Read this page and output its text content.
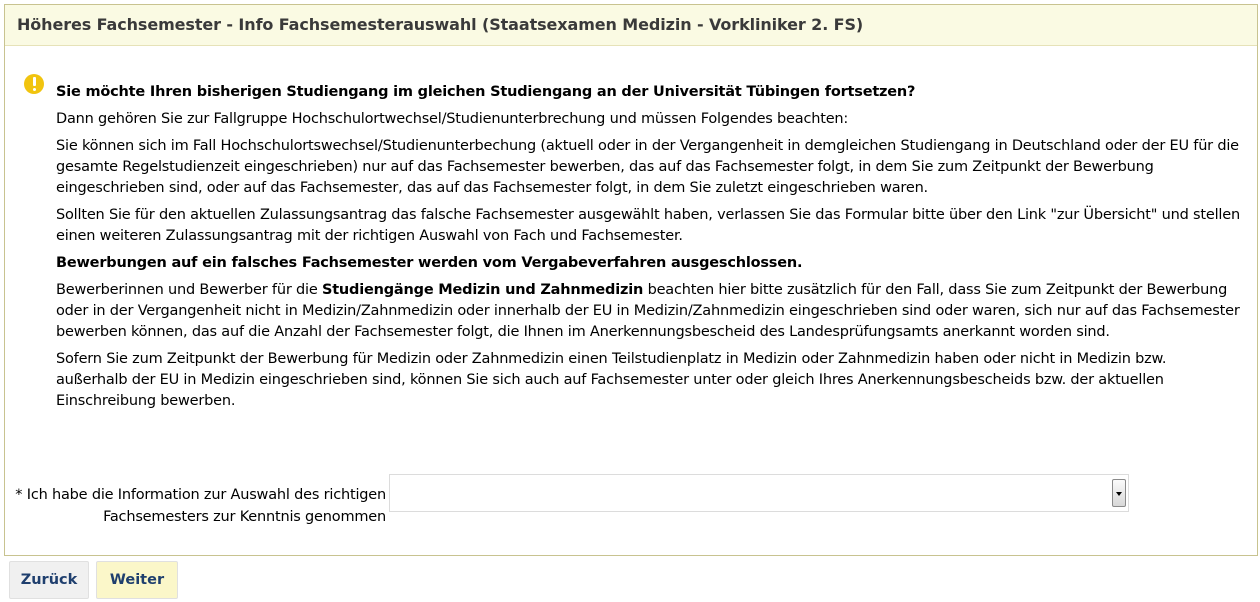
Höheres Fachsemester - Info Fachsemesterauswahl (Staatsexamen Medizin - Vorkliniker 2. FS)

Sie möchte Ihren bisherigen Studiengang im gleichen Studiengang an der Universität Tübingen fortsetzen?

Dann gehören Sie zur Fallgruppe Hochschulortwechsel/Studienunterbrechung und müssen Folgendes beachten:

Sie können sich im Fall Hochschulortswechsel/Studienunterbechung (aktuell oder in der Vergangenheit in demgleichen Studiengang in Deutschland oder der EU für die gesamte Regelstudienzeit eingeschrieben) nur auf das Fachsemester bewerben, das auf das Fachsemester folgt, in dem Sie zum Zeitpunkt der Bewerbung eingeschrieben sind, oder auf das Fachsemester, das auf das Fachsemester folgt, in dem Sie zuletzt eingeschrieben waren.

Sollten Sie für den aktuellen Zulassungsantrag das falsche Fachsemester ausgewählt haben, verlassen Sie das Formular bitte über den Link "zur Übersicht" und stellen einen weiteren Zulassungsantrag mit der richtigen Auswahl von Fach und Fachsemester.

Bewerbungen auf ein falsches Fachsemester werden vom Vergabeverfahren ausgeschlossen.

Bewerberinnen und Bewerber für die Studiengänge Medizin und Zahnmedizin beachten hier bitte zusätzlich für den Fall, dass Sie zum Zeitpunkt der Bewerbung oder in der Vergangenheit nicht in Medizin/Zahnmedizin oder innerhalb der EU in Medizin/Zahnmedizin eingeschrieben sind oder waren, sich nur auf das Fachsemester bewerben können, das auf die Anzahl der Fachsemester folgt, die Ihnen im Anerkennungsbescheid des Landesprüfungsamts anerkannt worden sind.

Sofern Sie zum Zeitpunkt der Bewerbung für Medizin oder Zahnmedizin einen Teilstudienplatz in Medizin oder Zahnmedizin haben oder nicht in Medizin bzw. außerhalb der EU in Medizin eingeschrieben sind, können Sie sich auch auf Fachsemester unter oder gleich Ihres Anerkennungsbescheids bzw. der aktuellen Einschreibung bewerben.

* Ich habe die Information zur Auswahl des richtigen Fachsemesters zur Kenntnis genommen
Zurück	Weiter
